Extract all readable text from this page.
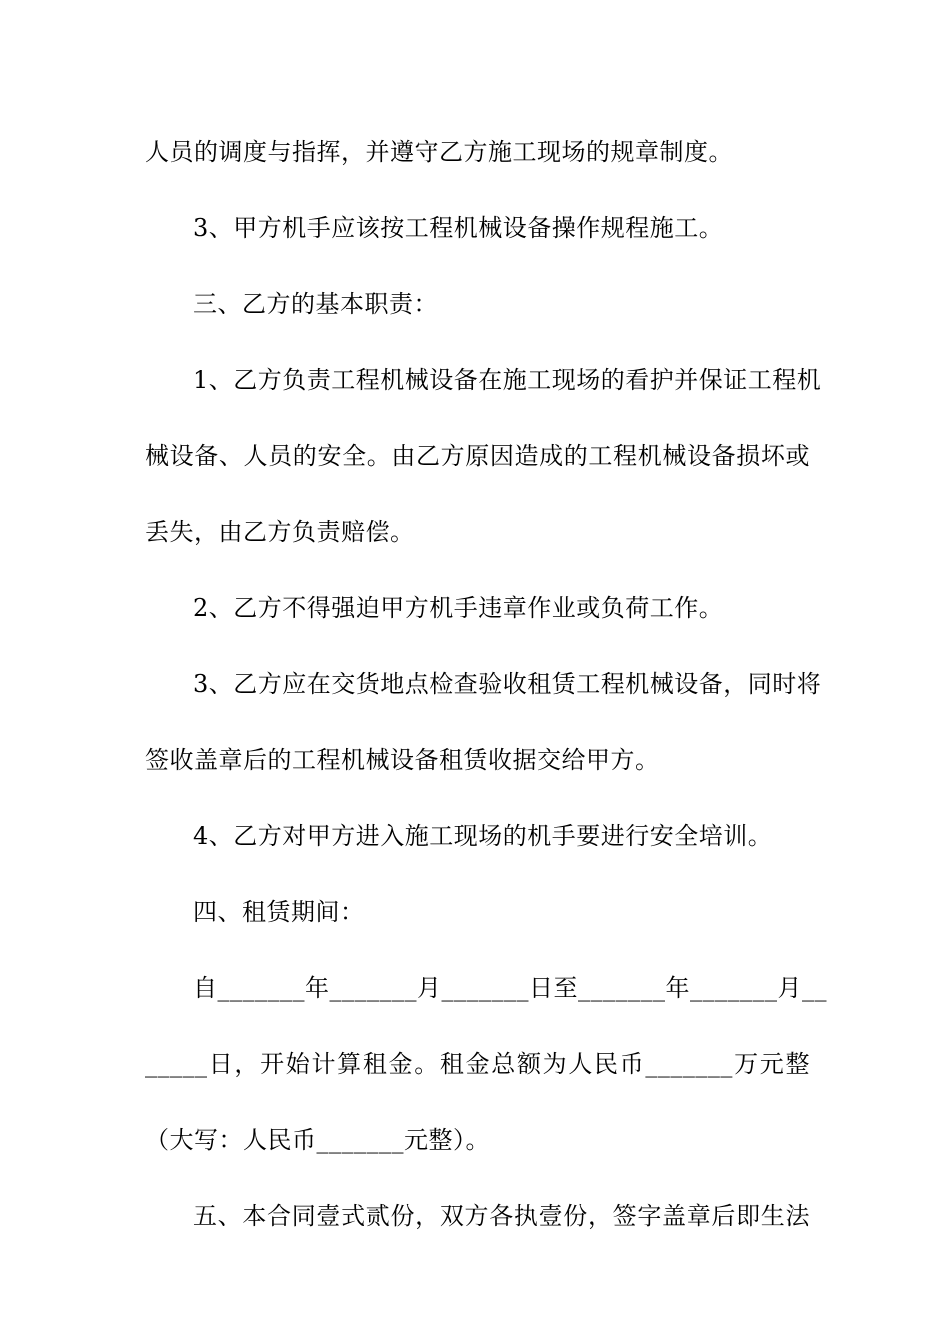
人员的调度与指挥，并遵守乙方施工现场的规章制度。
3、甲方机手应该按工程机械设备操作规程施工。
三、乙方的基本职责：
1、乙方负责工程机械设备在施工现场的看护并保证工程机
械设备、人员的安全。由乙方原因造成的工程机械设备损坏或
丢失，由乙方负责赔偿。
2、乙方不得强迫甲方机手违章作业或负荷工作。
3、乙方应在交货地点检查验收租赁工程机械设备，同时将
签收盖章后的工程机械设备租赁收据交给甲方。
4、乙方对甲方进入施工现场的机手要进行安全培训。
四、租赁期间：
自_______年_______月_______日至_______年_______月__
_____日，开始计算租金。租金总额为人民币_______万元整
（大写：人民币_______元整）。
五、本合同壹式贰份，双方各执壹份，签字盖章后即生法
